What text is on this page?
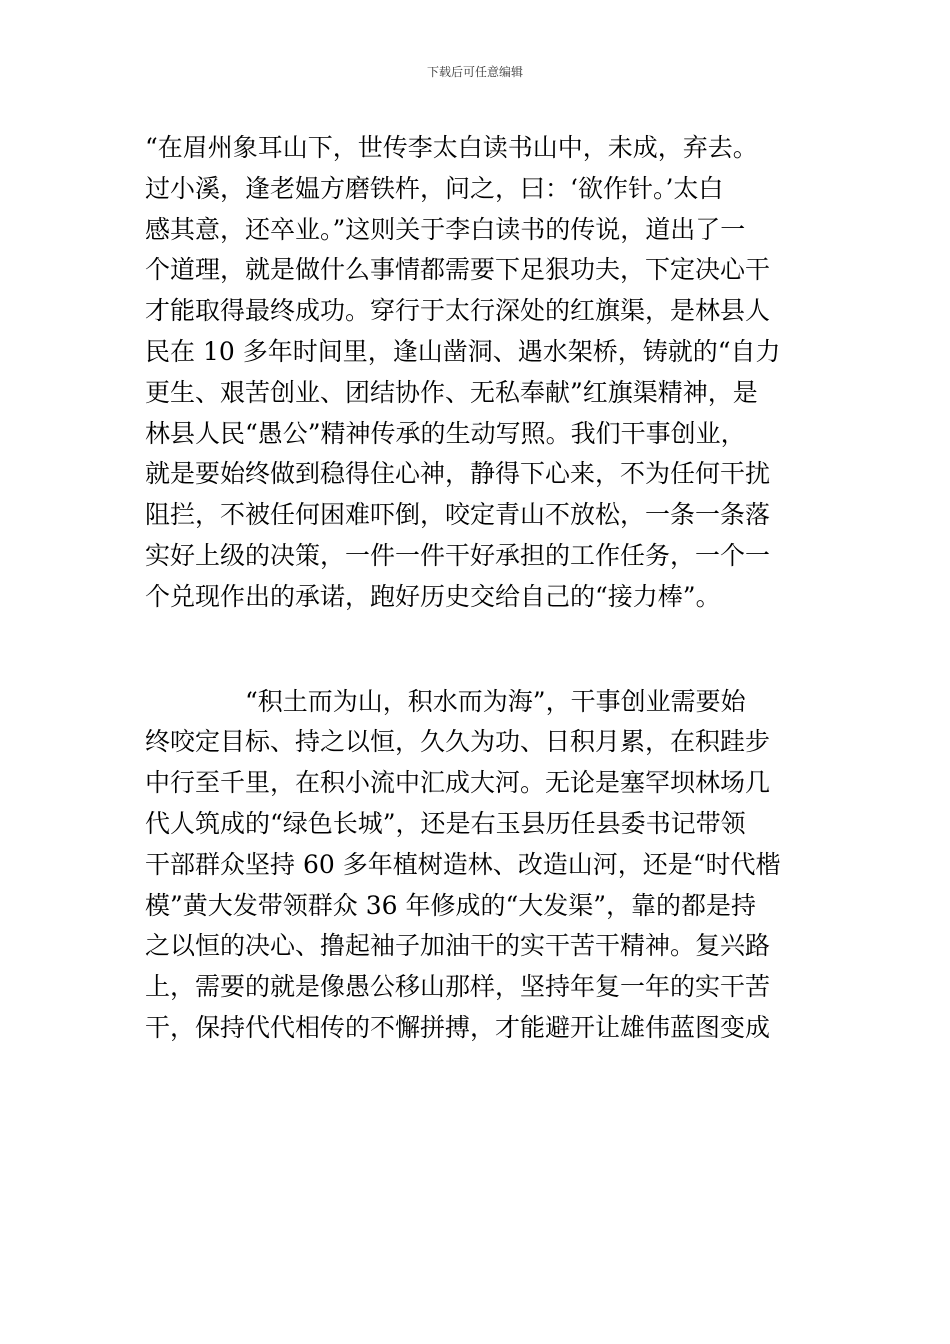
下载后可任意编辑
“在眉州象耳山下，世传李太白读书山中，未成，弃去。
过小溪，逢老媪方磨铁杵，问之，曰：‘欲作针。’太白
感其意，还卒业。”这则关于李白读书的传说，道出了一
个道理，就是做什么事情都需要下足狠功夫，下定决心干
才能取得最终成功。穿行于太行深处的红旗渠，是林县人
民在 10 多年时间里，逢山凿洞、遇水架桥，铸就的“自力
更生、艰苦创业、团结协作、无私奉献”红旗渠精神，是
林县人民“愚公”精神传承的生动写照。我们干事创业，
就是要始终做到稳得住心神，静得下心来，不为任何干扰
阻拦，不被任何困难吓倒，咬定青山不放松，一条一条落
实好上级的决策，一件一件干好承担的工作任务，一个一
个兑现作出的承诺，跑好历史交给自己的“接力棒”。
　　　　“积土而为山，积水而为海”，干事创业需要始
终咬定目标、持之以恒，久久为功、日积月累，在积跬步
中行至千里，在积小流中汇成大河。无论是塞罕坝林场几
代人筑成的“绿色长城”，还是右玉县历任县委书记带领
干部群众坚持 60 多年植树造林、改造山河，还是“时代楷
模”黄大发带领群众 36 年修成的“大发渠”，靠的都是持
之以恒的决心、撸起袖子加油干的实干苦干精神。复兴路
上，需要的就是像愚公移山那样，坚持年复一年的实干苦
干，保持代代相传的不懈拼搏，才能避开让雄伟蓝图变成
